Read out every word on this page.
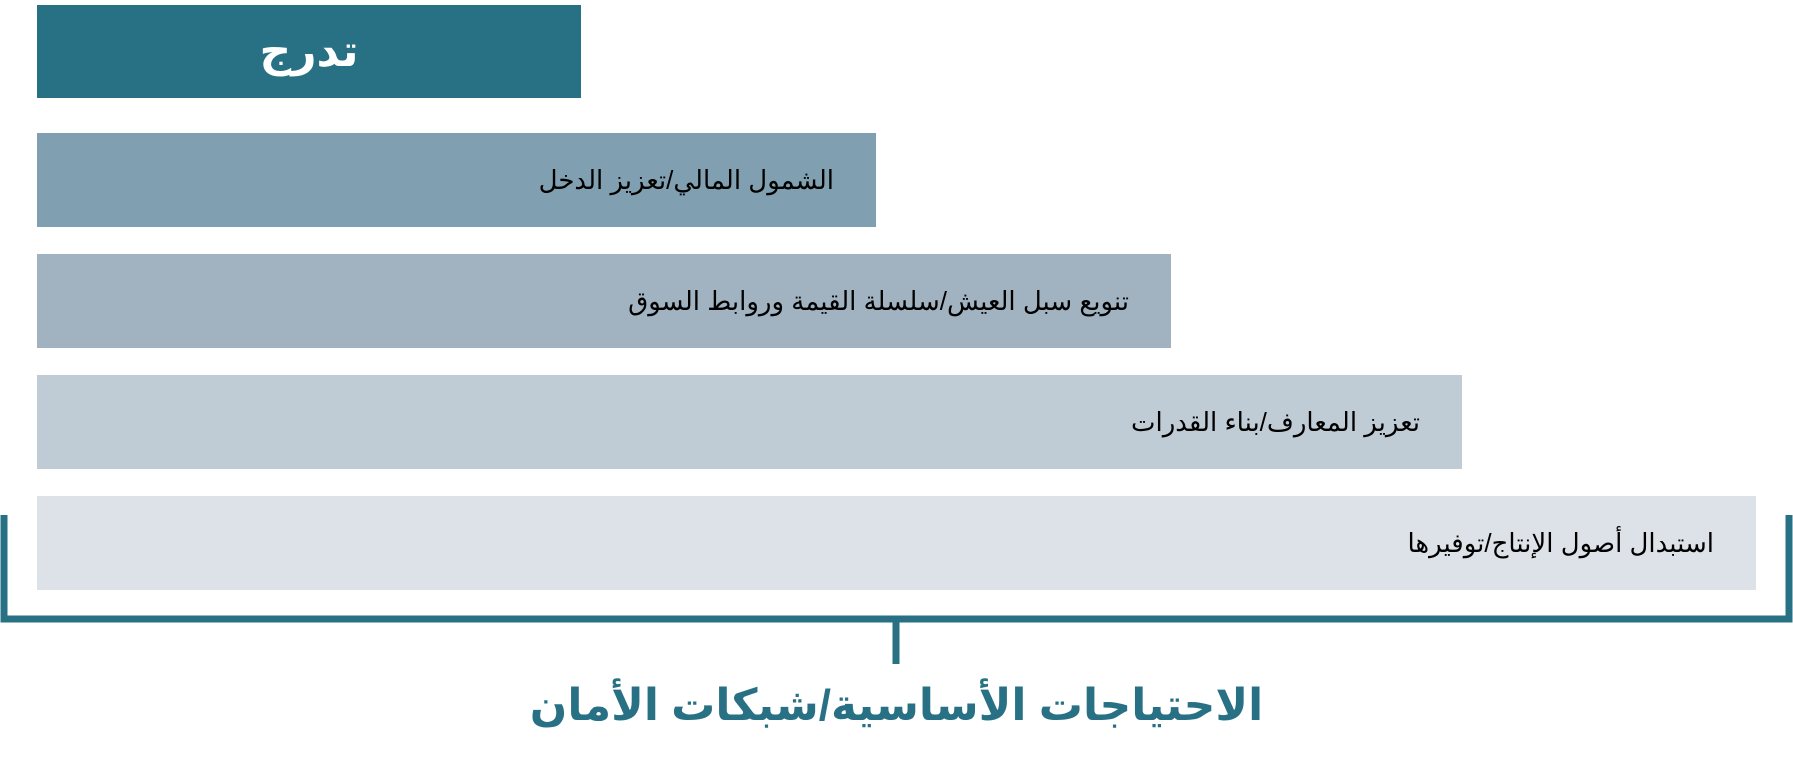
تدرج
الشمول المالي/تعزيز الدخل
تنويع سبل العيش/سلسلة القيمة وروابط السوق
تعزيز المعارف/بناء القدرات
استبدال أصول الإنتاج/توفيرها
الاحتياجات الأساسية/شبكات الأمان
